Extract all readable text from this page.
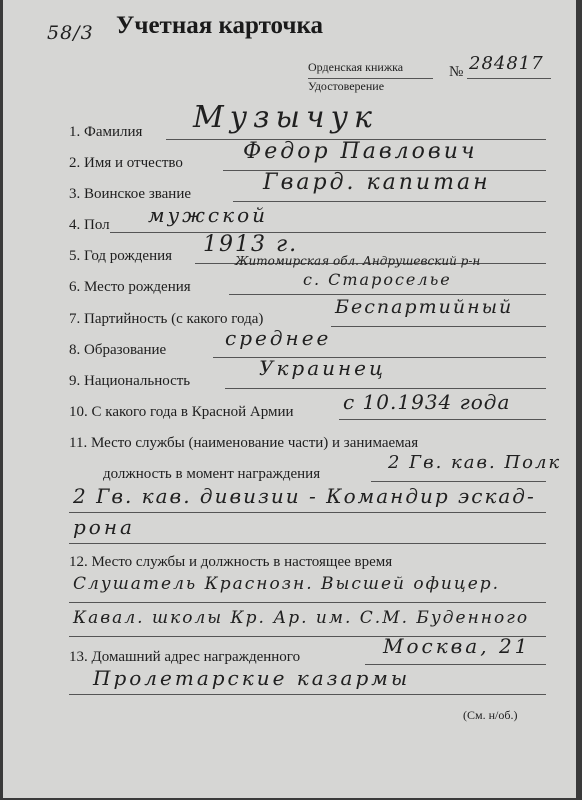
58/3 Учетная карточка
Орденская книжка
Удостоверение
№ 284817
1. Фамилия Музычук
2. Имя и отчество	Федор Павлович
3. Воинское звание	Гвард. капитан
4. Пол мужской
5. Год рождения 1913 г.
6. Место рождения
Житомирская обл. Андрушевский р-н
с. Старосельe
7. Партийность (с какого года)
Беспартийный
8. Образование	среднее
9. Национальность
Украинец
10. С какого года в Красной Армии с 10.1934 года
11. Место службы (наименование части) и занимаемая
должность в момент награждения
2 Гв. кав. Полк
2 Гв. кав. дивизии - Командир эскад-
рона
12. Место службы и должность в настоящее время
Слушатель Краснозн. Высшей офицер.
Кавал. школы Кр. Ар. им. С.М. Буденного
13. Домашний адрес награжденного	Москва, 21
Пролетарские казармы
(См. н/об.)
